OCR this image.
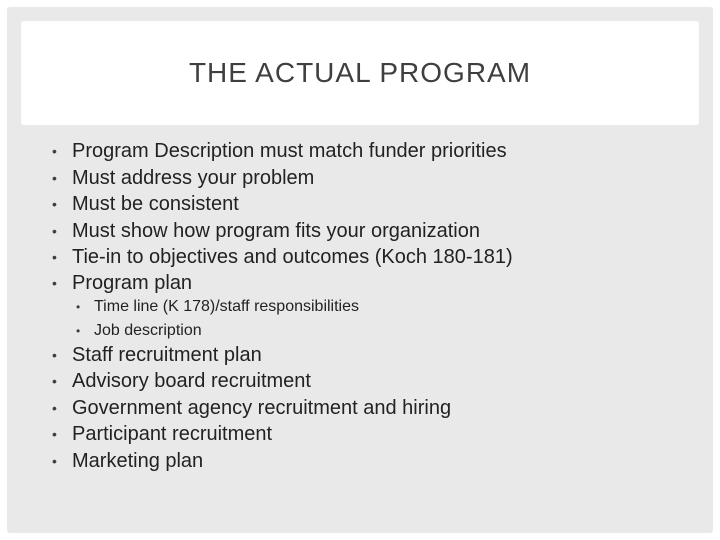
THE ACTUAL PROGRAM
• Program Description must match funder priorities
• Must address your problem
• Must be consistent
• Must show how program fits your organization
• Tie-in to objectives and outcomes (Koch 180-181)
• Program plan
• Time line (K 178)/staff responsibilities
• Job description
• Staff recruitment plan
• Advisory board recruitment
• Government agency recruitment and hiring
• Participant recruitment
• Marketing plan
